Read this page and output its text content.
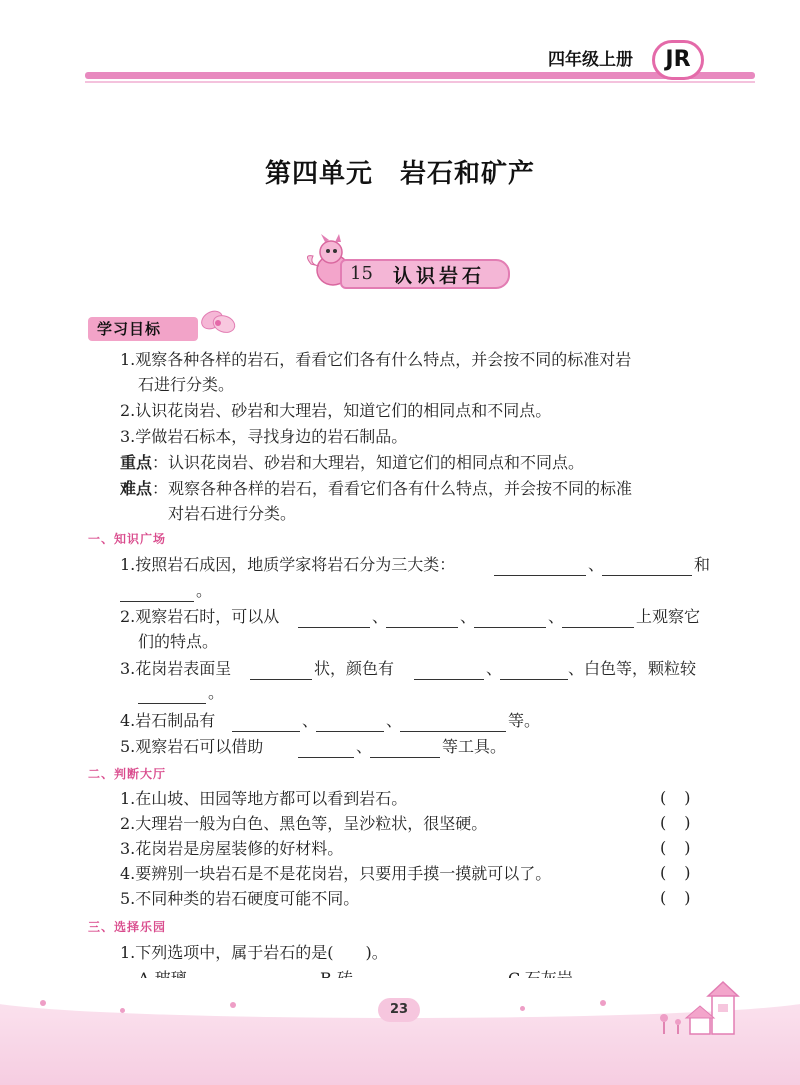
四年级上册	JR
第四单元　岩石和矿产
15 认识岩石
学习目标
1.观察各种各样的岩石，看看它们各有什么特点，并会按不同的标准对岩
石进行分类。
2.认识花岗岩、砂岩和大理岩，知道它们的相同点和不同点。
3.学做岩石标本，寻找身边的岩石制品。
重点：认识花岗岩、砂岩和大理岩，知道它们的相同点和不同点。
难点：观察各种各样的岩石，看看它们各有什么特点，并会按不同的标准
对岩石进行分类。
一、知识广场
1.按照岩石成因，地质学家将岩石分为三大类：	、	和
。
2.观察岩石时，可以从	、	、	、	上观察它
们的特点。
3.花岗岩表面呈	状，颜色有	、	、白色等，颗粒较
。
4.岩石制品有	、	、	等。
5.观察岩石可以借助	、	等工具。
二、判断大厅
1.在山坡、田园等地方都可以看到岩石。	()
2.大理岩一般为白色、黑色等，呈沙粒状，很坚硬。	()
3.花岗岩是房屋装修的好材料。	()
4.要辨别一块岩石是不是花岗岩，只要用手摸一摸就可以了。	()
5.不同种类的岩石硬度可能不同。	()
三、选择乐园
1.下列选项中，属于岩石的是(　　)。
23
